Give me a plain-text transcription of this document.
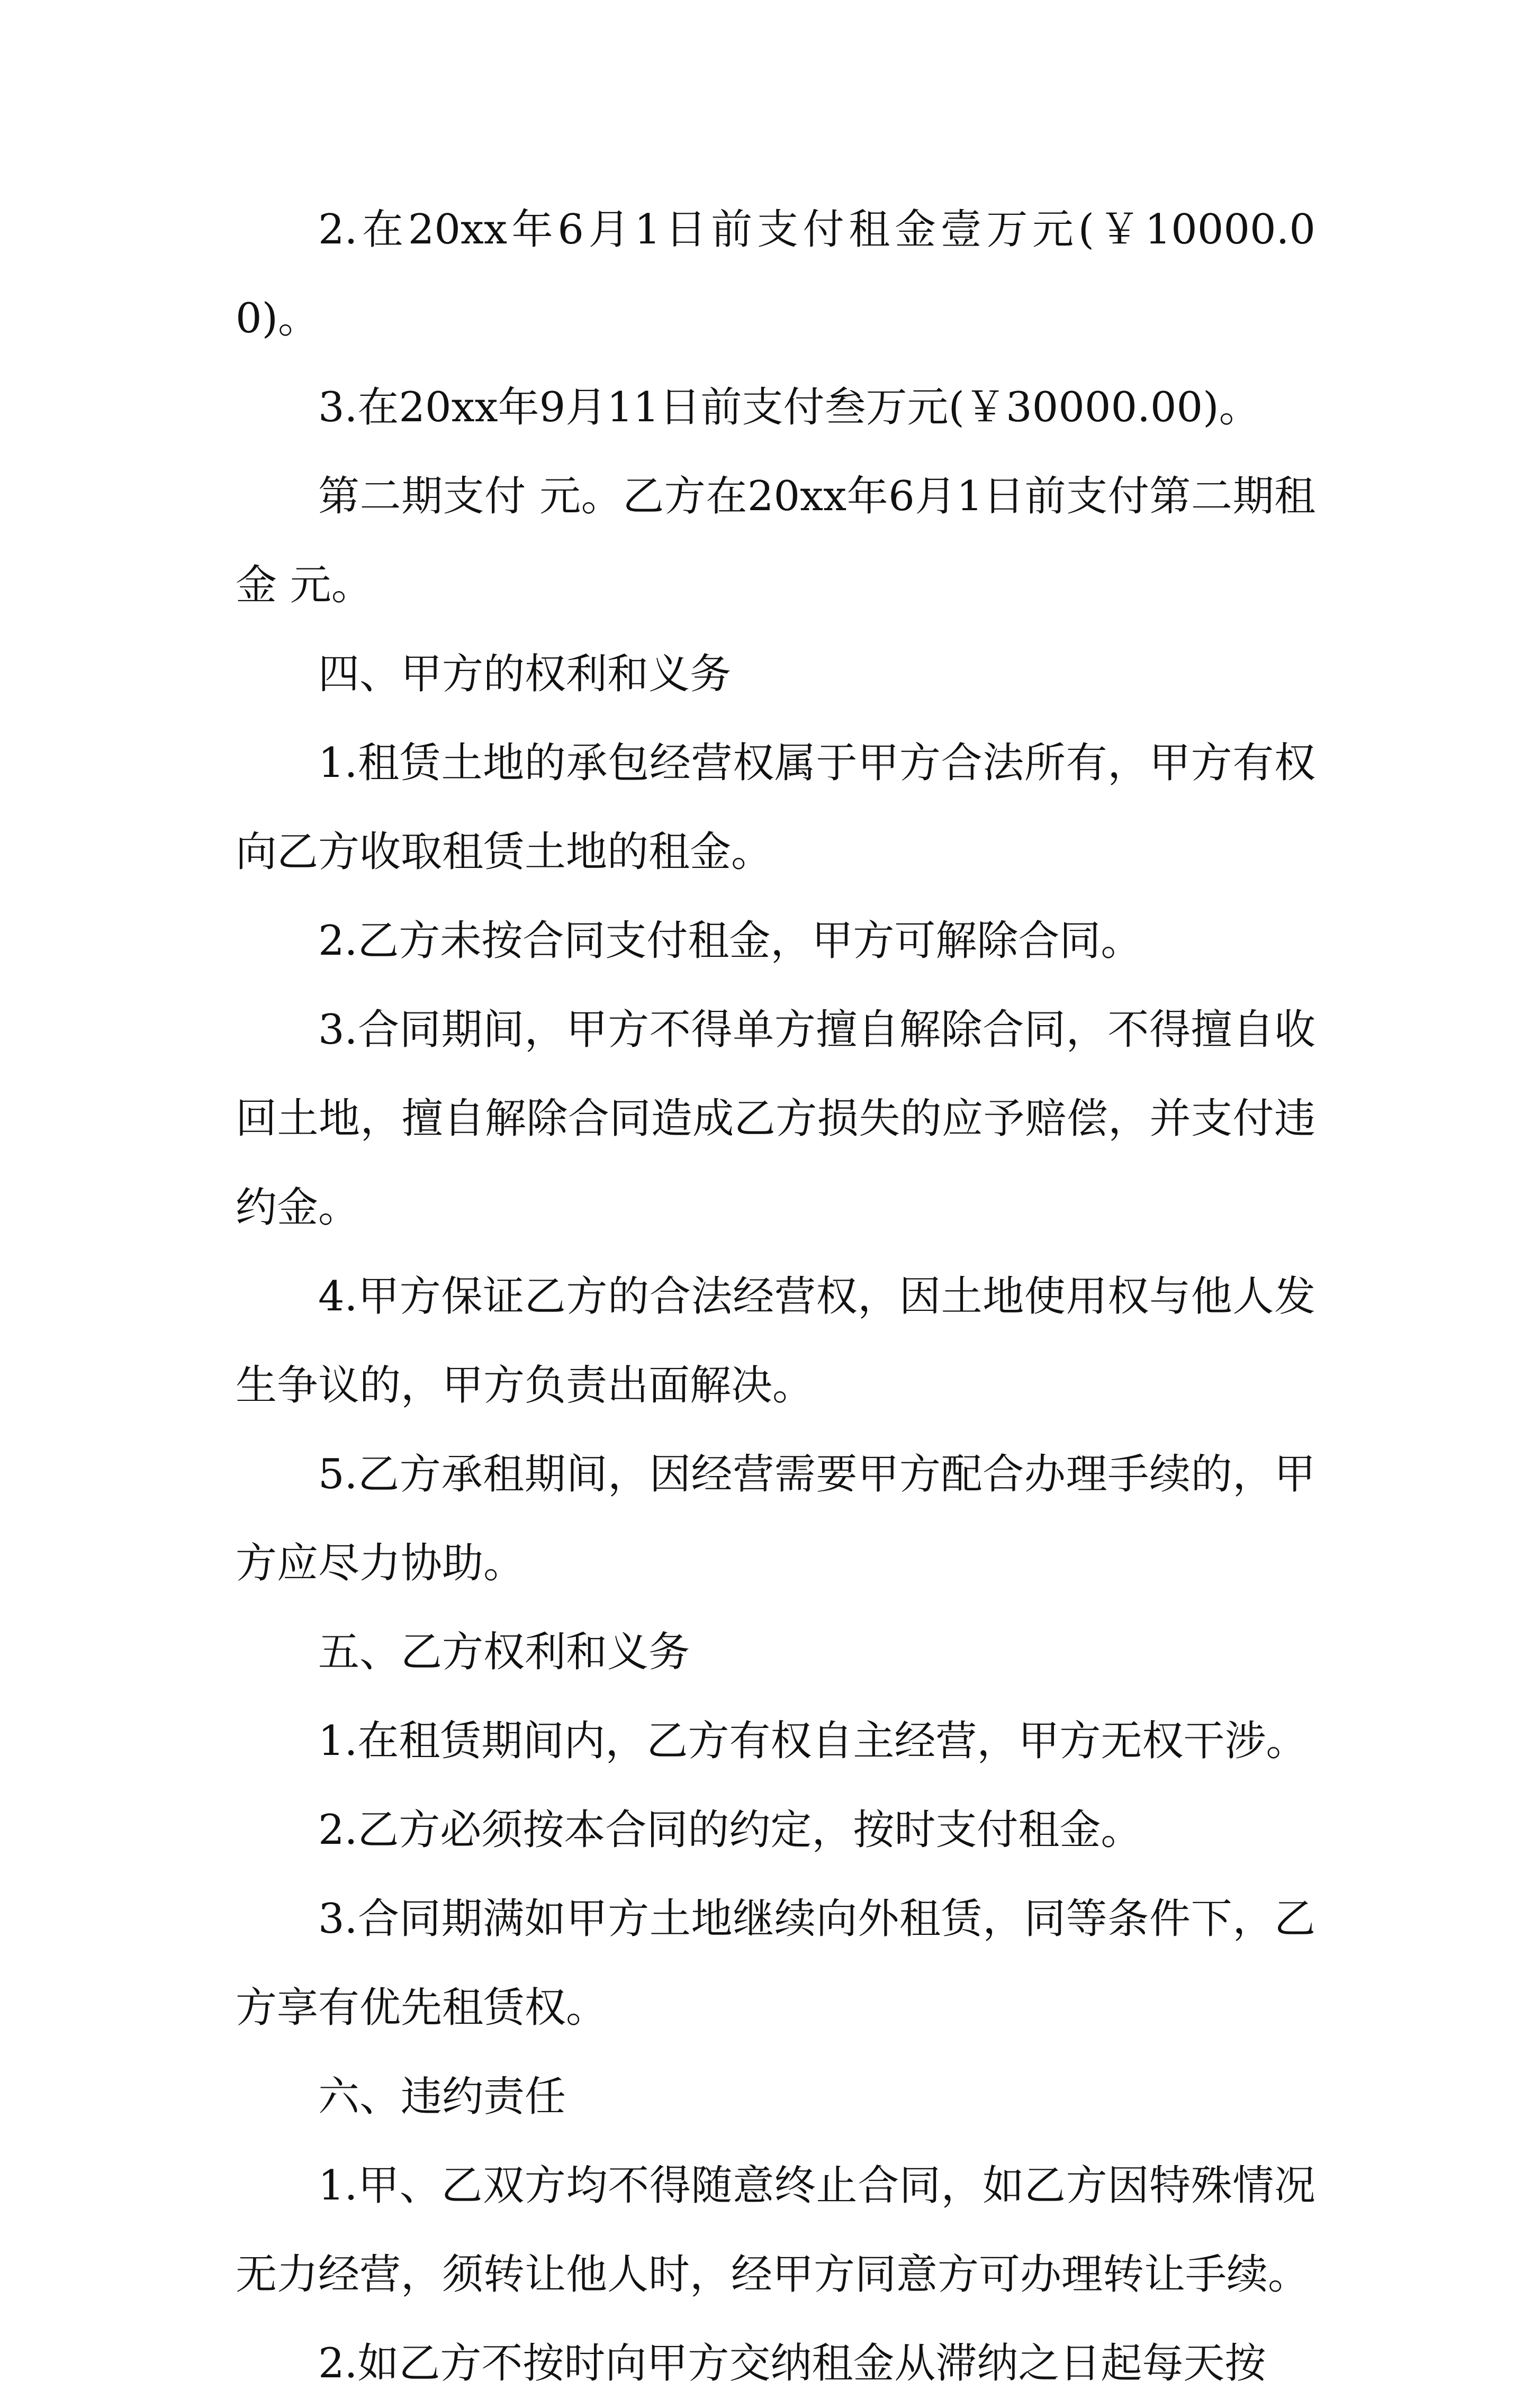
2.在20xx年6月1日前支付租金壹万元(￥10000.00)。

3.在20xx年9月11日前支付叁万元(￥30000.00)。

第二期支付 元。乙方在20xx年6月1日前支付第二期租金 元。

四、甲方的权利和义务

1.租赁土地的承包经营权属于甲方合法所有，甲方有权向乙方收取租赁土地的租金。

2.乙方未按合同支付租金，甲方可解除合同。

3.合同期间，甲方不得单方擅自解除合同，不得擅自收回土地，擅自解除合同造成乙方损失的应予赔偿，并支付违约金。

4.甲方保证乙方的合法经营权，因土地使用权与他人发生争议的，甲方负责出面解决。

5.乙方承租期间，因经营需要甲方配合办理手续的，甲方应尽力协助。

五、乙方权利和义务

1.在租赁期间内，乙方有权自主经营，甲方无权干涉。

2.乙方必须按本合同的约定，按时支付租金。

3.合同期满如甲方土地继续向外租赁，同等条件下，乙方享有优先租赁权。

六、违约责任

1.甲、乙双方均不得随意终止合同，如乙方因特殊情况无力经营，须转让他人时，经甲方同意方可办理转让手续。

2.如乙方不按时向甲方交纳租金从滞纳之日起每天按
